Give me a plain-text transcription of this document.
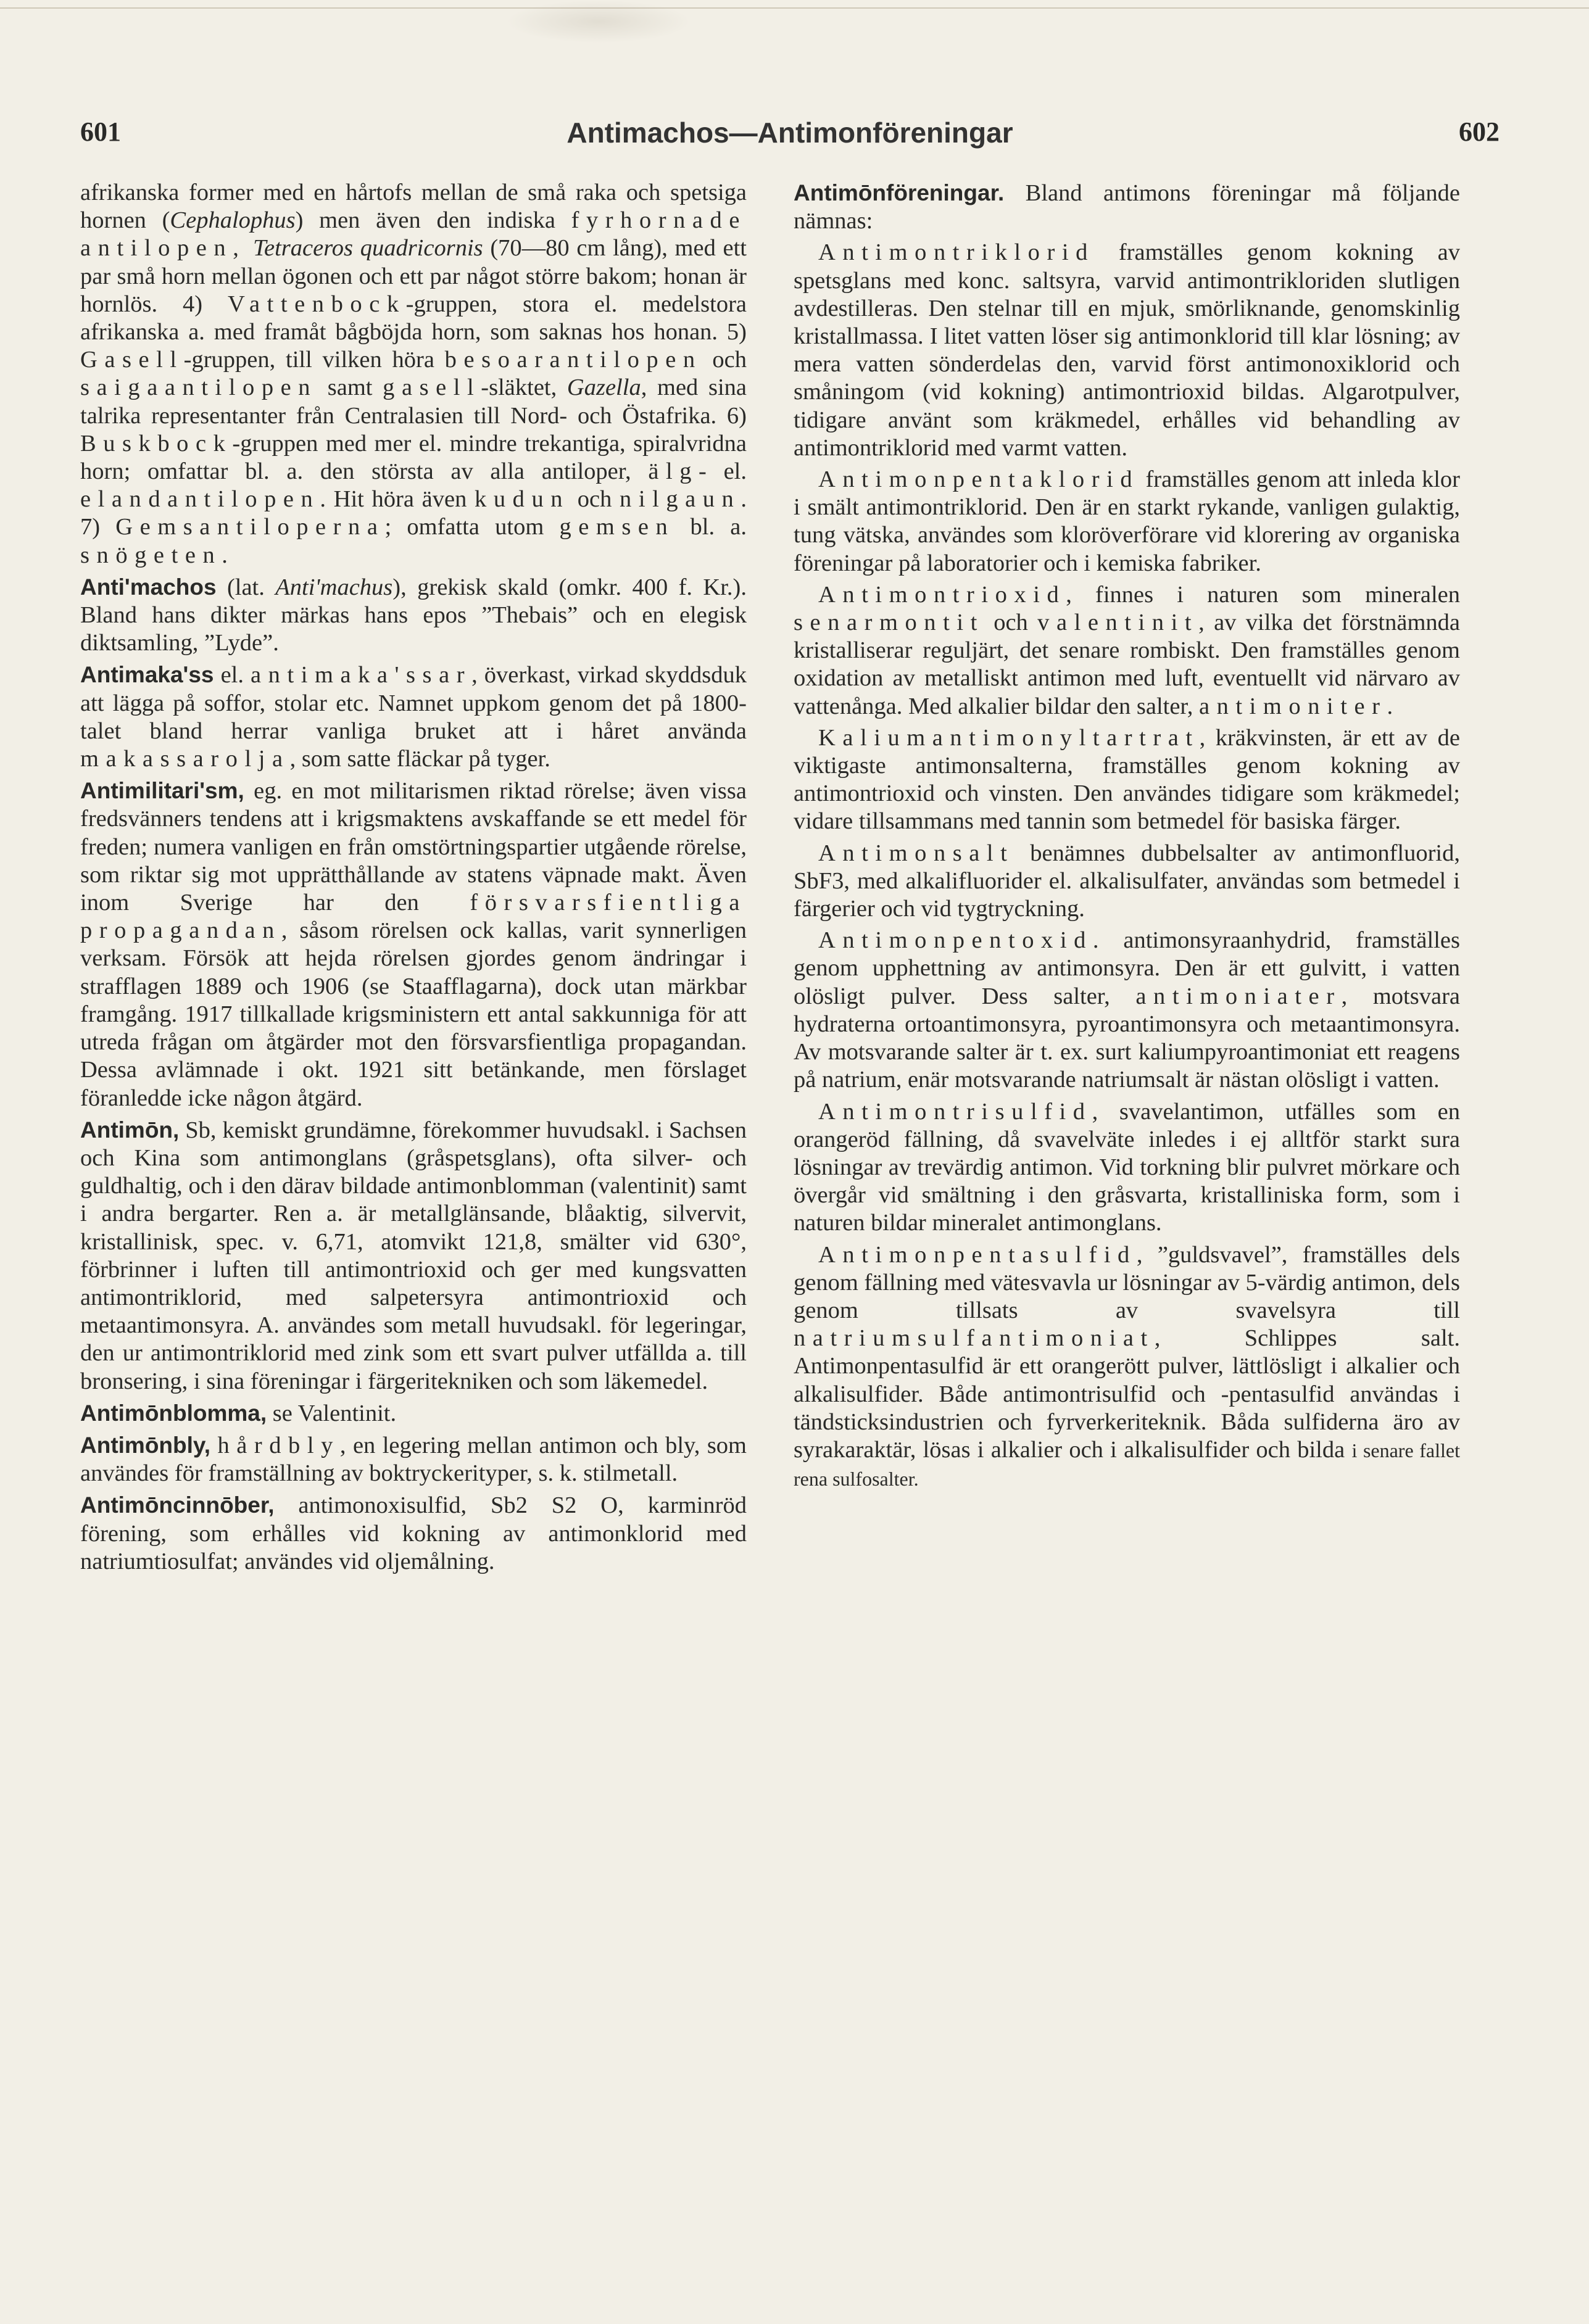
601	Antimachos—Antimonföreningar	602

afrikanska former med en hårtofs mellan de små raka och spetsiga hornen (Cephalophus) men även den indiska fyrhornade antilopen, Tetraceros quadricornis (70—80 cm lång), med ett par små horn mellan ögonen och ett par något större bakom; honan är hornlös. 4) Vattenbock-gruppen, stora el. medelstora afrikanska a. med framåt bågböjda horn, som saknas hos honan. 5) Gasell-gruppen, till vilken höra besoarantilopen och saigaantilopen samt gasell-släktet, Gazella, med sina talrika representanter från Centralasien till Nord- och Östafrika. 6) Buskbock-gruppen med mer el. mindre trekantiga, spiralvridna horn; omfattar bl. a. den största av alla antiloper, älg- el. elandantilopen. Hit höra även kudun och nilgaun. 7) Gemsantiloperna; omfatta utom gemsen bl. a. snögeten.

Anti'machos (lat. Anti'machus), grekisk skald (omkr. 400 f. Kr.). Bland hans dikter märkas hans epos ”Thebais” och en elegisk diktsamling, ”Lyde”.

Antimaka'ss el. antimaka'ssar, överkast, virkad skyddsduk att lägga på soffor, stolar etc. Namnet uppkom genom det på 1800-talet bland herrar vanliga bruket att i håret använda makassarolja, som satte fläckar på tyger.

Antimilitari'sm, eg. en mot militarismen riktad rörelse; även vissa fredsvänners tendens att i krigsmaktens avskaffande se ett medel för freden; numera vanligen en från omstörtningspartier utgående rörelse, som riktar sig mot upprätthållande av statens väpnade makt. Även inom Sverige har den försvarsfientliga propagandan, såsom rörelsen ock kallas, varit synnerligen verksam. Försök att hejda rörelsen gjordes genom ändringar i strafflagen 1889 och 1906 (se Staafflagarna), dock utan märkbar framgång. 1917 tillkallade krigsministern ett antal sakkunniga för att utreda frågan om åtgärder mot den försvarsfientliga propagandan. Dessa avlämnade i okt. 1921 sitt betänkande, men förslaget föranledde icke någon åtgärd.

Antimōn, Sb, kemiskt grundämne, förekommer huvudsakl. i Sachsen och Kina som antimonglans (gråspetsglans), ofta silver- och guldhaltig, och i den därav bildade antimonblomman (valentinit) samt i andra bergarter. Ren a. är metallglänsande, blåaktig, silvervit, kristallinisk, spec. v. 6,71, atomvikt 121,8, smälter vid 630°, förbrinner i luften till antimontrioxid och ger med kungsvatten antimontriklorid, med salpetersyra antimontrioxid och metaantimonsyra. A. användes som metall huvudsakl. för legeringar, den ur antimontriklorid med zink som ett svart pulver utfällda a. till bronsering, i sina föreningar i färgeritekniken och som läkemedel.

Antimōnblomma, se Valentinit.

Antimōnbly, hårdbly, en legering mellan antimon och bly, som användes för framställning av boktryckerityper, s. k. stilmetall.

Antimōncinnōber, antimonoxisulfid, Sb2 S2 O, karminröd förening, som erhålles vid kokning av antimonklorid med natriumtiosulfat; användes vid oljemålning.

Antimōnföreningar. Bland antimons föreningar må följande nämnas:

Antimontriklorid framställes genom kokning av spetsglans med konc. saltsyra, varvid antimontrikloriden slutligen avdestilleras. Den stelnar till en mjuk, smörliknande, genomskinlig kristallmassa. I litet vatten löser sig antimonklorid till klar lösning; av mera vatten sönderdelas den, varvid först antimonoxiklorid och småningom (vid kokning) antimontrioxid bildas. Algarotpulver, tidigare använt som kräkmedel, erhålles vid behandling av antimontriklorid med varmt vatten.

Antimonpentaklorid framställes genom att inleda klor i smält antimontriklorid. Den är en starkt rykande, vanligen gulaktig, tung vätska, användes som kloröverförare vid klorering av organiska föreningar på laboratorier och i kemiska fabriker.

Antimontrioxid, finnes i naturen som mineralen senarmontit och valentinit, av vilka det förstnämnda kristalliserar reguljärt, det senare rombiskt. Den framställes genom oxidation av metalliskt antimon med luft, eventuellt vid närvaro av vattenånga. Med alkalier bildar den salter, antimoniter.

Kaliumantimonyltartrat, kräkvinsten, är ett av de viktigaste antimonsalterna, framställes genom kokning av antimontrioxid och vinsten. Den användes tidigare som kräkmedel; vidare tillsammans med tannin som betmedel för basiska färger.

Antimonsalt benämnes dubbelsalter av antimonfluorid, SbF3, med alkalifluorider el. alkalisulfater, användas som betmedel i färgerier och vid tygtryckning.

Antimonpentoxid. antimonsyraanhydrid, framställes genom upphettning av antimonsyra. Den är ett gulvitt, i vatten olösligt pulver. Dess salter, antimoniater, motsvara hydraterna ortoantimonsyra, pyroantimonsyra och metaantimonsyra. Av motsvarande salter är t. ex. surt kaliumpyroantimoniat ett reagens på natrium, enär motsvarande natriumsalt är nästan olösligt i vatten.

Antimontrisulfid, svavelantimon, utfälles som en orangeröd fällning, då svavelväte inledes i ej alltför starkt sura lösningar av trevärdig antimon. Vid torkning blir pulvret mörkare och övergår vid smältning i den gråsvarta, kristalliniska form, som i naturen bildar mineralet antimonglans.

Antimonpentasulfid, ”guldsvavel”, framställes dels genom fällning med vätesvavla ur lösningar av 5-värdig antimon, dels genom tillsats av svavelsyra till natriumsulfantimoniat, Schlippes salt. Antimonpentasulfid är ett orangerött pulver, lättlösligt i alkalier och alkalisulfider. Både antimontrisulfid och -pentasulfid användas i tändsticksindustrien och fyrverkeriteknik. Båda sulfiderna äro av syrakaraktär, lösas i alkalier och i alkalisulfider och bilda i senare fallet rena sulfosalter.
